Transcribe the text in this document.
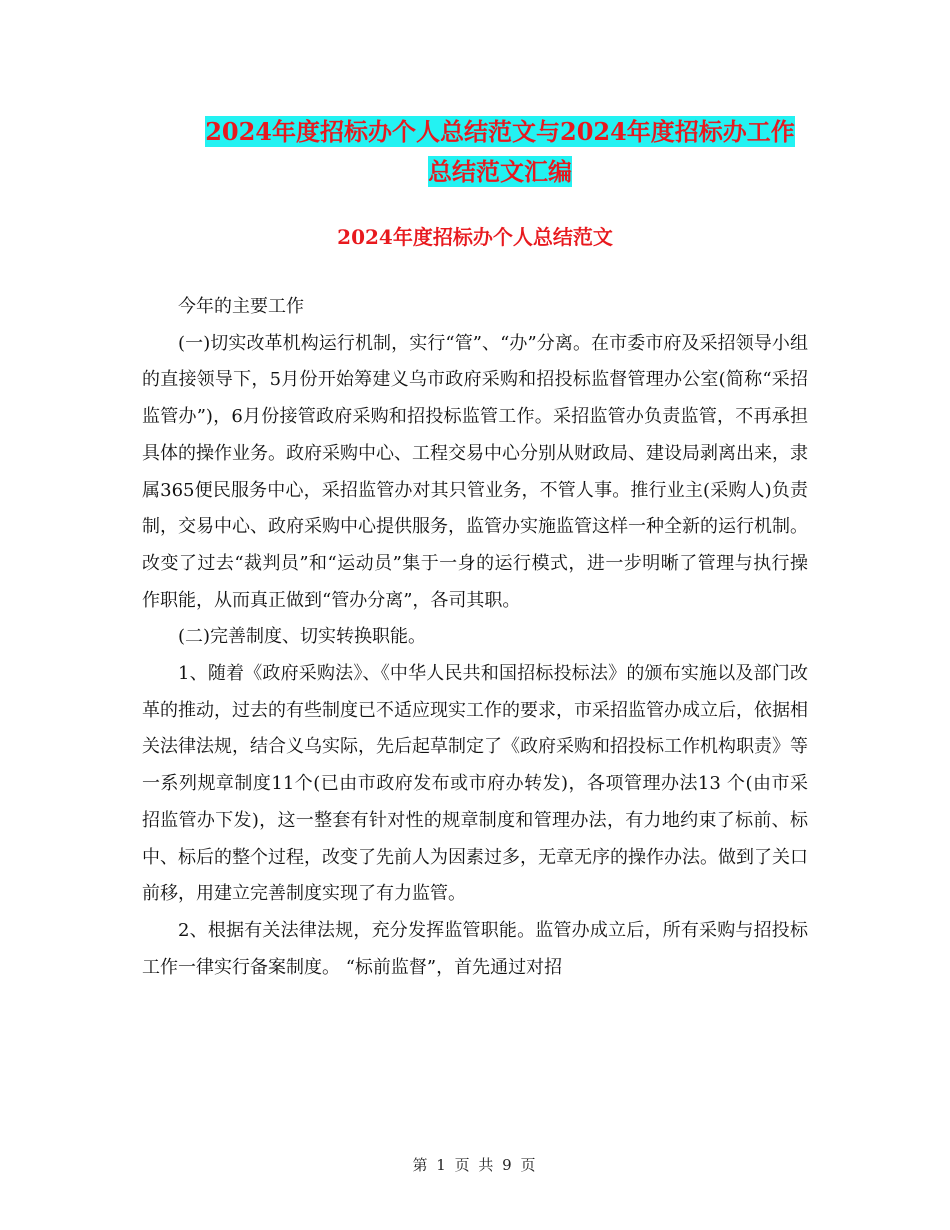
2024年度招标办个人总结范文与2024年度招标办工作
总结范文汇编
2024年度招标办个人总结范文

今年的主要工作

(一)切实改革机构运行机制，实行“管”、“办”分离。在市委市府及采招领导小组的直接领导下，5月份开始筹建义乌市政府采购和招投标监督管理办公室(简称“采招监管办”)，6月份接管政府采购和招投标监管工作。采招监管办负责监管，不再承担具体的操作业务。政府采购中心、工程交易中心分别从财政局、建设局剥离出来，隶属365便民服务中心，采招监管办对其只管业务，不管人事。推行业主(采购人)负责制，交易中心、政府采购中心提供服务，监管办实施监管这样一种全新的运行机制。改变了过去“裁判员”和“运动员”集于一身的运行模式，进一步明晰了管理与执行操作职能，从而真正做到“管办分离”，各司其职。

(二)完善制度、切实转换职能。

1、随着《政府采购法》、《中华人民共和国招标投标法》的颁布实施以及部门改革的推动，过去的有些制度已不适应现实工作的要求，市采招监管办成立后，依据相关法律法规，结合义乌实际，先后起草制定了《政府采购和招投标工作机构职责》等一系列规章制度11个(已由市政府发布或市府办转发)，各项管理办法13 个(由市采招监管办下发)，这一整套有针对性的规章制度和管理办法，有力地约束了标前、标中、标后的整个过程，改变了先前人为因素过多，无章无序的操作办法。做到了关口前移，用建立完善制度实现了有力监管。

2、根据有关法律法规，充分发挥监管职能。监管办成立后，所有采购与招投标工作一律实行备案制度。 “标前监督”，首先通过对招

第 1 页 共 9 页
